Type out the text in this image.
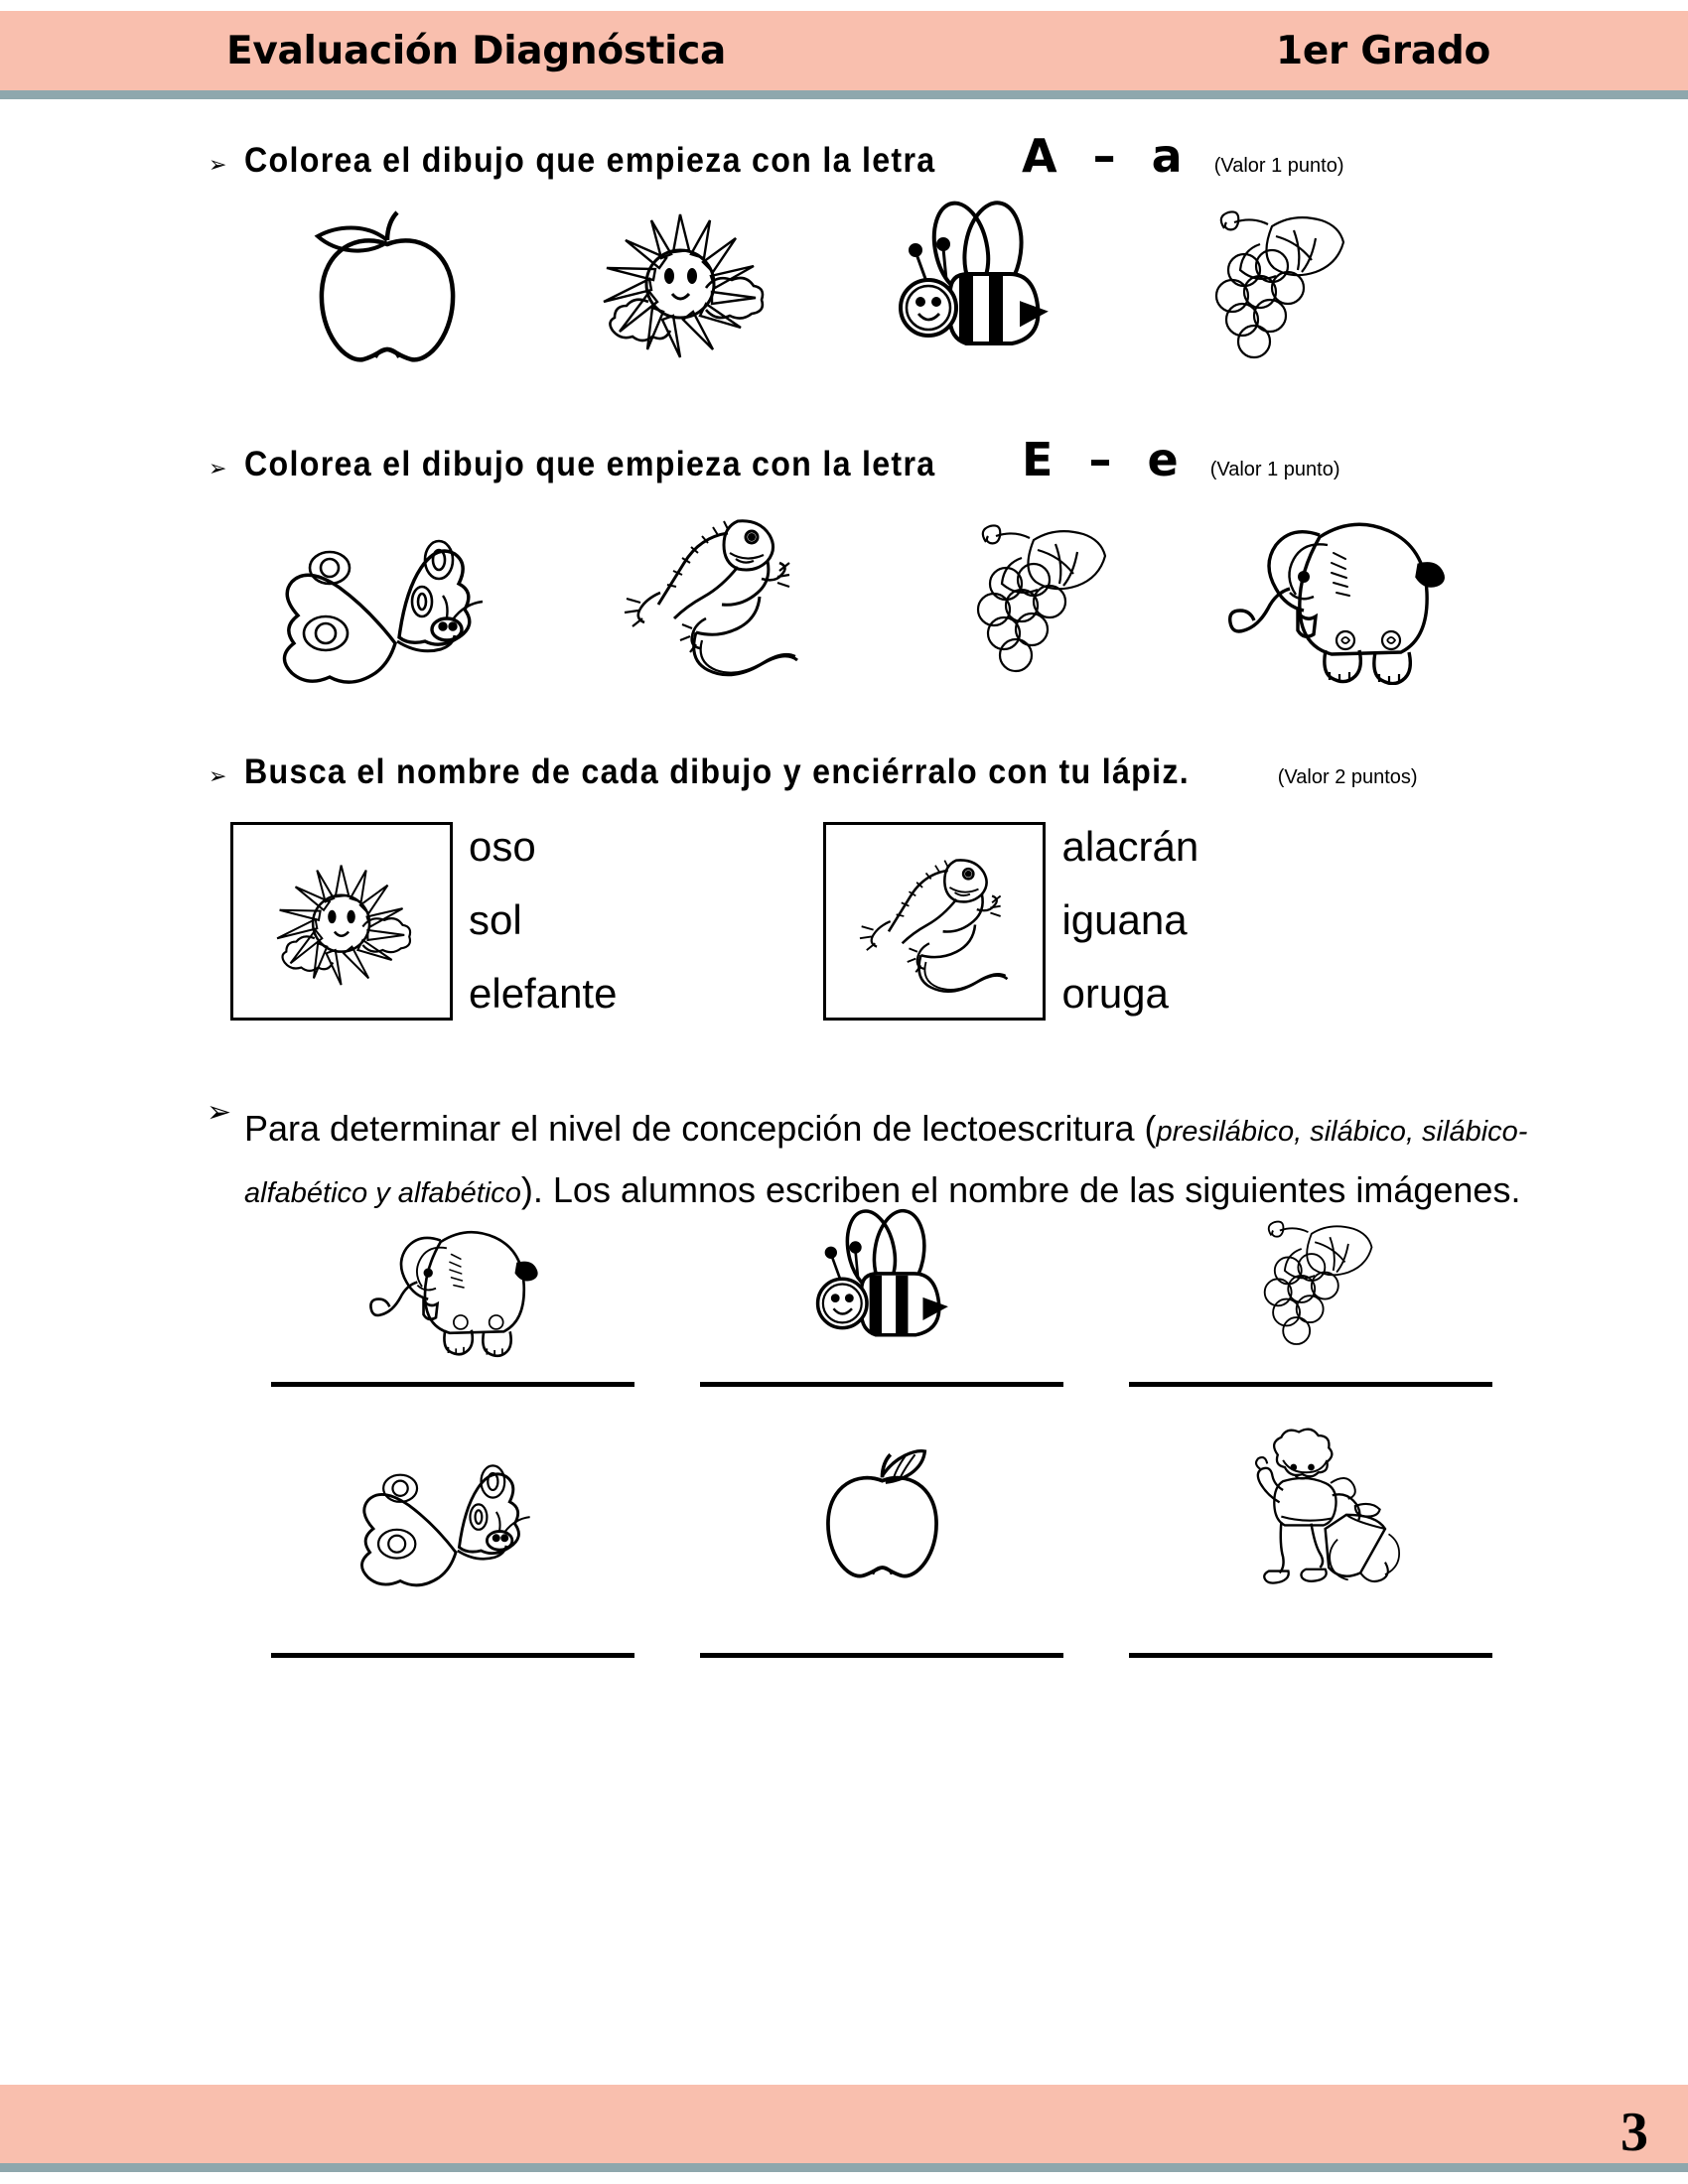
Evaluación Diagnóstica	1er Grado
➢ Colorea el dibujo que empieza con la letra A – a (Valor 1 punto)
➢ Colorea el dibujo que empieza con la letra E – e (Valor 1 punto)
➢ Busca el nombre de cada dibujo y enciérralo con tu lápiz.	(Valor 2 puntos)
oso
sol
elefante
alacrán
iguana
oruga
➢ Para determinar el nivel de concepción de lectoescritura (presilábico, silábico, silábico-alfabético y alfabético). Los alumnos escriben el nombre de las siguientes imágenes.
3
